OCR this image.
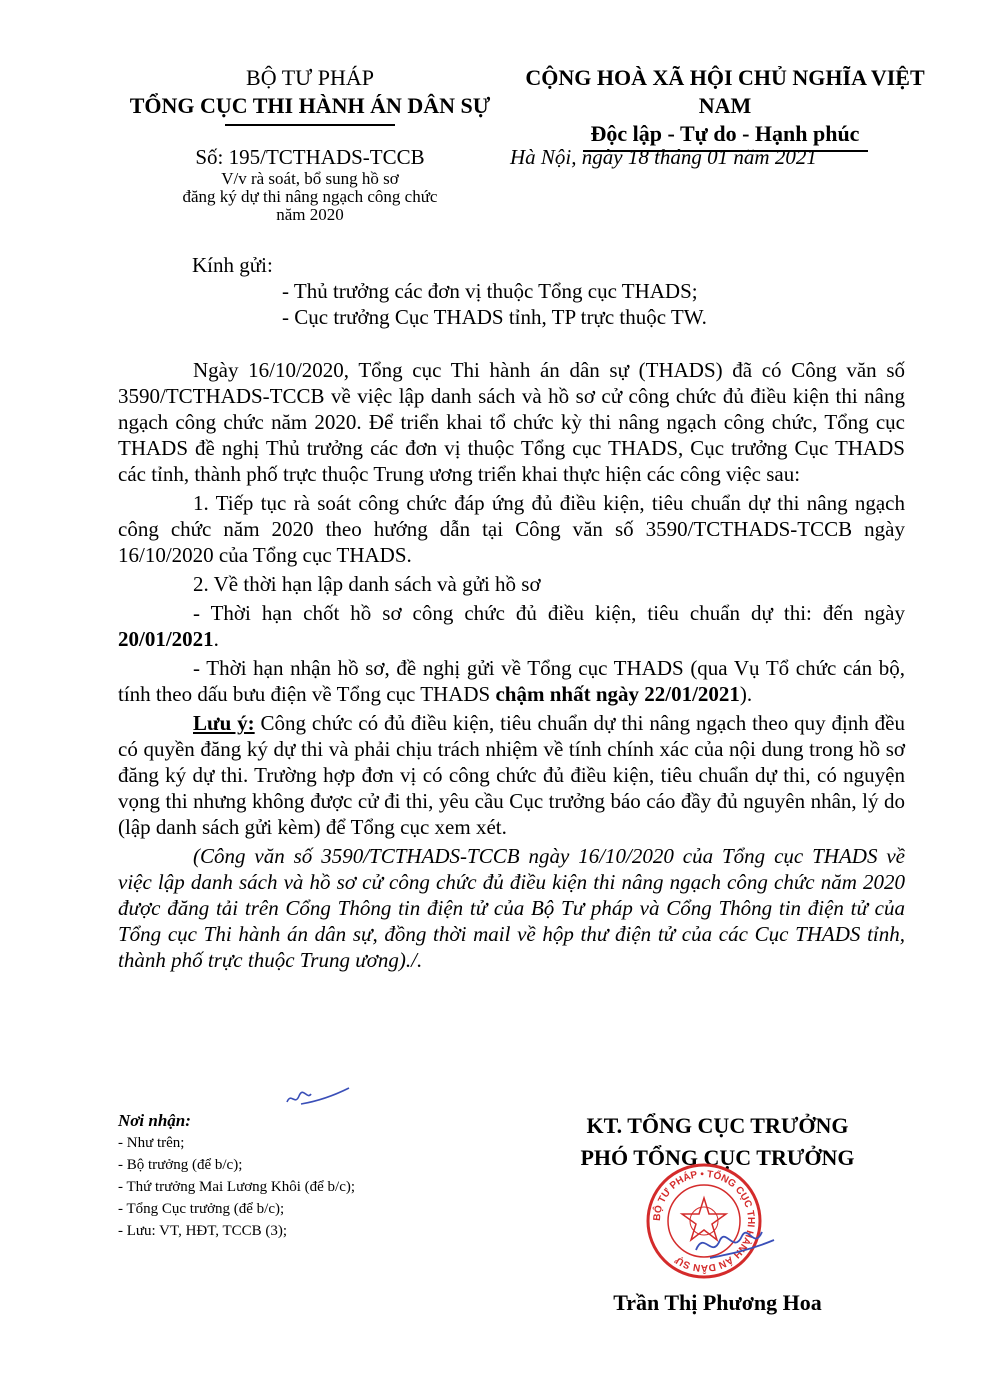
BỘ TƯ PHÁP
TỔNG CỤC THI HÀNH ÁN DÂN SỰ
CỘNG HOÀ XÃ HỘI CHỦ NGHĨA VIỆT NAM
Độc lập - Tự do - Hạnh phúc
Số: 195/TCTHADS-TCCB
V/v rà soát, bổ sung hồ sơ
đăng ký dự thi nâng ngạch công chức
năm 2020
Hà Nội, ngày 18 tháng 01 năm 2021
Kính gửi:
- Thủ trưởng các đơn vị thuộc Tổng cục THADS;
- Cục trưởng Cục THADS tỉnh, TP trực thuộc TW.

Ngày 16/10/2020, Tổng cục Thi hành án dân sự (THADS) đã có Công văn số 3590/TCTHADS-TCCB về việc lập danh sách và hồ sơ cử công chức đủ điều kiện thi nâng ngạch công chức năm 2020. Để triển khai tổ chức kỳ thi nâng ngạch công chức, Tổng cục THADS đề nghị Thủ trưởng các đơn vị thuộc Tổng cục THADS, Cục trưởng Cục THADS các tỉnh, thành phố trực thuộc Trung ương triển khai thực hiện các công việc sau:

1. Tiếp tục rà soát công chức đáp ứng đủ điều kiện, tiêu chuẩn dự thi nâng ngạch công chức năm 2020 theo hướng dẫn tại Công văn số 3590/TCTHADS-TCCB ngày 16/10/2020 của Tổng cục THADS.

2. Về thời hạn lập danh sách và gửi hồ sơ

- Thời hạn chốt hồ sơ công chức đủ điều kiện, tiêu chuẩn dự thi: đến ngày 20/01/2021.

- Thời hạn nhận hồ sơ, đề nghị gửi về Tổng cục THADS (qua Vụ Tổ chức cán bộ, tính theo dấu bưu điện về Tổng cục THADS chậm nhất ngày 22/01/2021).

Lưu ý: Công chức có đủ điều kiện, tiêu chuẩn dự thi nâng ngạch theo quy định đều có quyền đăng ký dự thi và phải chịu trách nhiệm về tính chính xác của nội dung trong hồ sơ đăng ký dự thi. Trường hợp đơn vị có công chức đủ điều kiện, tiêu chuẩn dự thi, có nguyện vọng thi nhưng không được cử đi thi, yêu cầu Cục trưởng báo cáo đầy đủ nguyên nhân, lý do (lập danh sách gửi kèm) để Tổng cục xem xét.

(Công văn số 3590/TCTHADS-TCCB ngày 16/10/2020 của Tổng cục THADS về việc lập danh sách và hồ sơ cử công chức đủ điều kiện thi nâng ngạch công chức năm 2020 được đăng tải trên Cổng Thông tin điện tử của Bộ Tư pháp và Cổng Thông tin điện tử của Tổng cục Thi hành án dân sự, đồng thời mail về hộp thư điện tử của các Cục THADS tỉnh, thành phố trực thuộc Trung ương)./.

Nơi nhận:
- Như trên;
- Bộ trưởng (để b/c);
- Thứ trưởng Mai Lương Khôi (để b/c);
- Tổng Cục trưởng (để b/c);
- Lưu: VT, HĐT, TCCB (3);
KT. TỔNG CỤC TRƯỞNG
PHÓ TỔNG CỤC TRƯỞNG
BỘ TƯ PHÁP • TỔNG CỤC THI HÀNH ÁN DÂN SỰ
Trần Thị Phương Hoa
